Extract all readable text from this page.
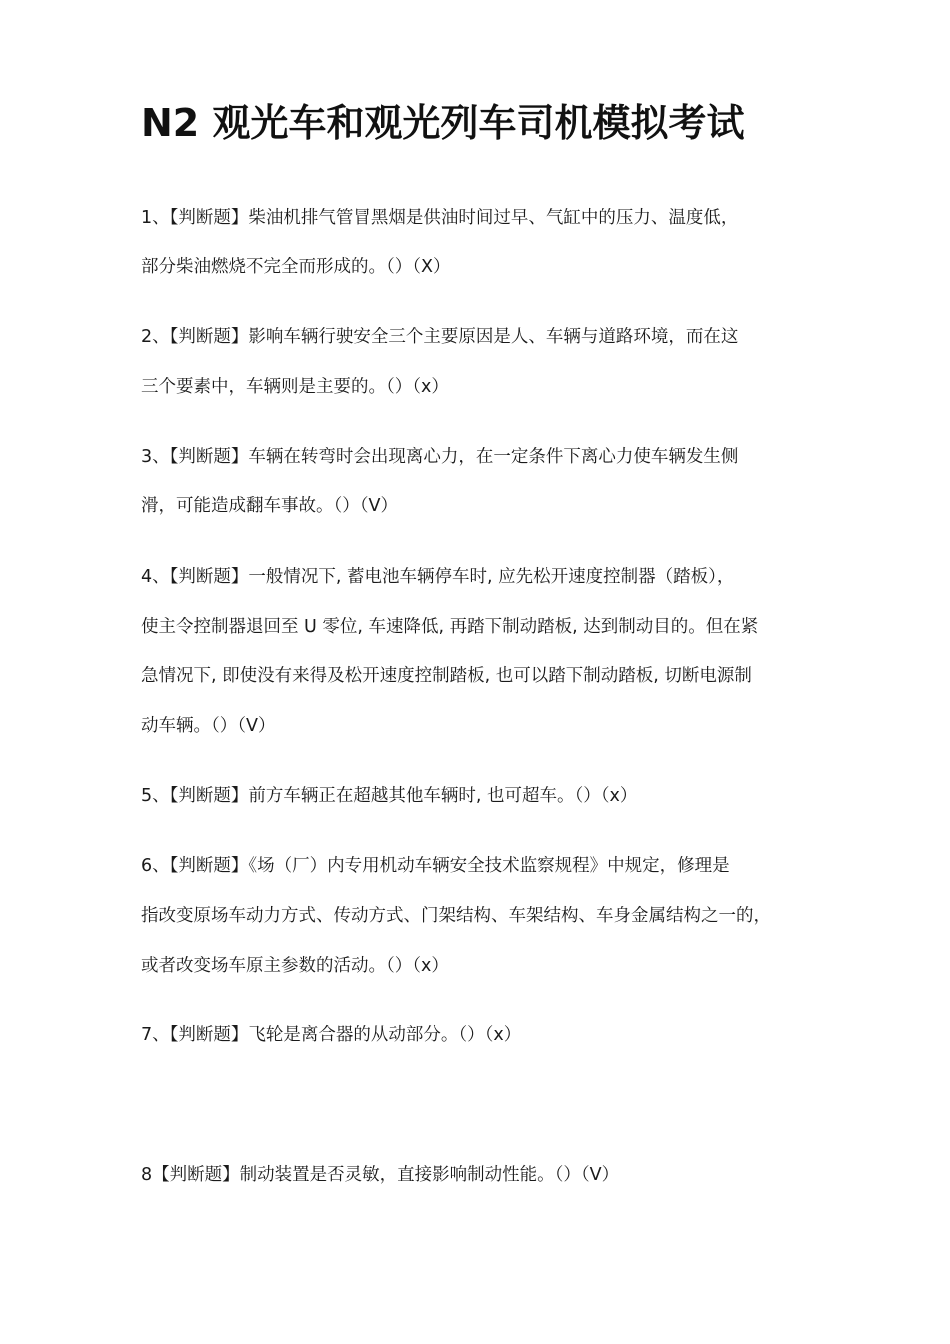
N2 观光车和观光列车司机模拟考试
1、【判断题】柴油机排气管冒黑烟是供油时间过早、气缸中的压力、温度低，
部分柴油燃烧不完全而形成的。（）（X）
2、【判断题】影响车辆行驶安全三个主要原因是人、车辆与道路环境，而在这
三个要素中，车辆则是主要的。（）（x）
3、【判断题】车辆在转弯时会出现离心力，在一定条件下离心力使车辆发生侧
滑，可能造成翻车事故。（）（V）
4、【判断题】一般情况下, 蓄电池车辆停车时, 应先松开速度控制器（踏板），
使主令控制器退回至 U 零位, 车速降低, 再踏下制动踏板, 达到制动目的。但在紧
急情况下, 即使没有来得及松开速度控制踏板, 也可以踏下制动踏板, 切断电源制
动车辆。（）（V）
5、【判断题】前方车辆正在超越其他车辆时, 也可超车。（）（x）
6、【判断题】《场（厂）内专用机动车辆安全技术监察规程》中规定，修理是
指改变原场车动力方式、传动方式、门架结构、车架结构、车身金属结构之一的，
或者改变场车原主参数的活动。（）（x）
7、【判断题】飞轮是离合器的从动部分。（）（x）
8【判断题】制动装置是否灵敏，直接影响制动性能。（）（V）
